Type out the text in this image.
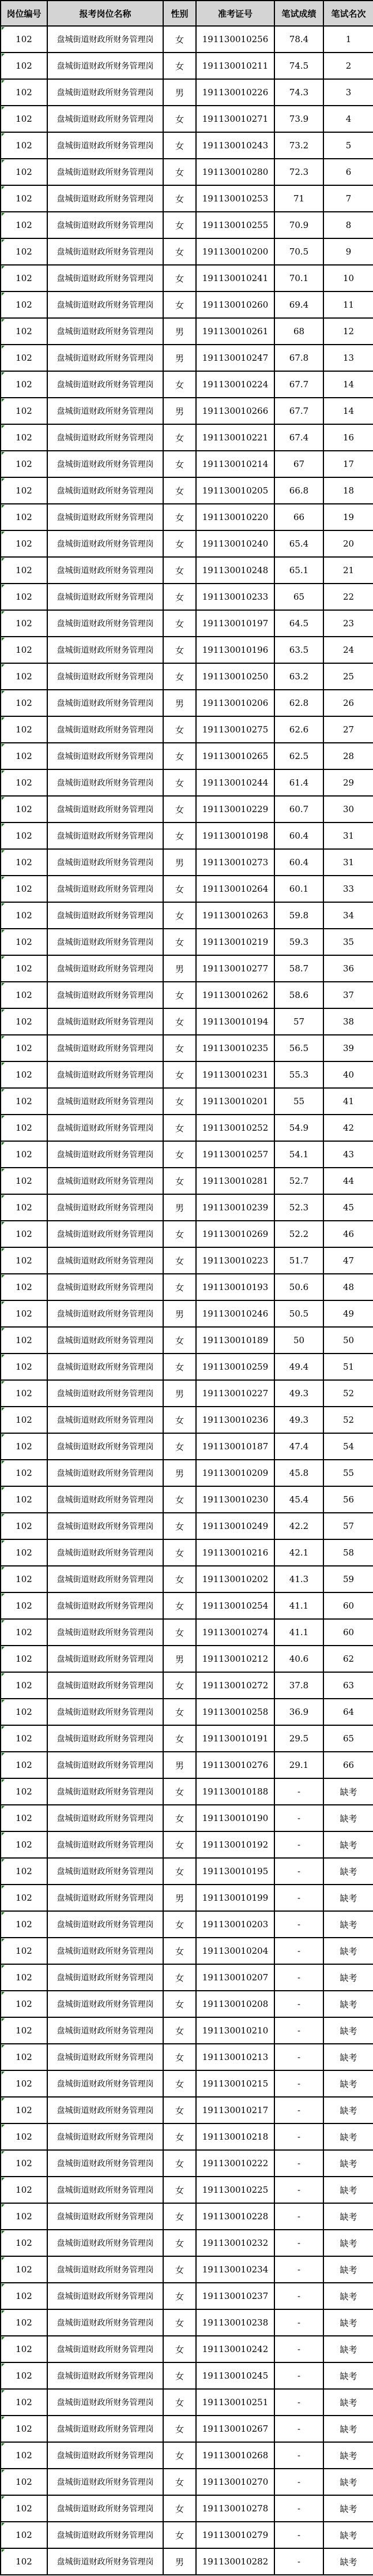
岗位编号	报考岗位名称	性别	准考证号	笔试成绩	笔试名次

102	盘城街道财政所财务管理岗	女	191130010256	78.4	1

102	盘城街道财政所财务管理岗	女	191130010211	74.5	2

102	盘城街道财政所财务管理岗	男	191130010226	74.3	3

102	盘城街道财政所财务管理岗	女	191130010271	73.9	4

102	盘城街道财政所财务管理岗	女	191130010243	73.2	5

102	盘城街道财政所财务管理岗	女	191130010280	72.3	6

102	盘城街道财政所财务管理岗	女	191130010253	71	7

102	盘城街道财政所财务管理岗	女	191130010255	70.9	8

102	盘城街道财政所财务管理岗	女	191130010200	70.5	9

102	盘城街道财政所财务管理岗	女	191130010241	70.1	10

102	盘城街道财政所财务管理岗	女	191130010260	69.4	11

102	盘城街道财政所财务管理岗	男	191130010261	68	12

102	盘城街道财政所财务管理岗	男	191130010247	67.8	13

102	盘城街道财政所财务管理岗	女	191130010224	67.7	14

102	盘城街道财政所财务管理岗	男	191130010266	67.7	14

102	盘城街道财政所财务管理岗	女	191130010221	67.4	16

102	盘城街道财政所财务管理岗	女	191130010214	67	17

102	盘城街道财政所财务管理岗	女	191130010205	66.8	18

102	盘城街道财政所财务管理岗	女	191130010220	66	19

102	盘城街道财政所财务管理岗	女	191130010240	65.4	20

102	盘城街道财政所财务管理岗	女	191130010248	65.1	21

102	盘城街道财政所财务管理岗	女	191130010233	65	22

102	盘城街道财政所财务管理岗	女	191130010197	64.5	23

102	盘城街道财政所财务管理岗	女	191130010196	63.5	24

102	盘城街道财政所财务管理岗	女	191130010250	63.2	25

102	盘城街道财政所财务管理岗	男	191130010206	62.8	26

102	盘城街道财政所财务管理岗	女	191130010275	62.6	27

102	盘城街道财政所财务管理岗	女	191130010265	62.5	28

102	盘城街道财政所财务管理岗	女	191130010244	61.4	29

102	盘城街道财政所财务管理岗	女	191130010229	60.7	30

102	盘城街道财政所财务管理岗	女	191130010198	60.4	31

102	盘城街道财政所财务管理岗	男	191130010273	60.4	31

102	盘城街道财政所财务管理岗	女	191130010264	60.1	33

102	盘城街道财政所财务管理岗	女	191130010263	59.8	34

102	盘城街道财政所财务管理岗	女	191130010219	59.3	35

102	盘城街道财政所财务管理岗	男	191130010277	58.7	36

102	盘城街道财政所财务管理岗	女	191130010262	58.6	37

102	盘城街道财政所财务管理岗	女	191130010194	57	38

102	盘城街道财政所财务管理岗	女	191130010235	56.5	39

102	盘城街道财政所财务管理岗	女	191130010231	55.3	40

102	盘城街道财政所财务管理岗	女	191130010201	55	41

102	盘城街道财政所财务管理岗	女	191130010252	54.9	42

102	盘城街道财政所财务管理岗	女	191130010257	54.1	43

102	盘城街道财政所财务管理岗	女	191130010281	52.7	44

102	盘城街道财政所财务管理岗	男	191130010239	52.3	45

102	盘城街道财政所财务管理岗	女	191130010269	52.2	46

102	盘城街道财政所财务管理岗	女	191130010223	51.7	47

102	盘城街道财政所财务管理岗	女	191130010193	50.6	48

102	盘城街道财政所财务管理岗	男	191130010246	50.5	49

102	盘城街道财政所财务管理岗	女	191130010189	50	50

102	盘城街道财政所财务管理岗	女	191130010259	49.4	51

102	盘城街道财政所财务管理岗	男	191130010227	49.3	52

102	盘城街道财政所财务管理岗	女	191130010236	49.3	52

102	盘城街道财政所财务管理岗	女	191130010187	47.4	54

102	盘城街道财政所财务管理岗	男	191130010209	45.8	55

102	盘城街道财政所财务管理岗	女	191130010230	45.4	56

102	盘城街道财政所财务管理岗	女	191130010249	42.2	57

102	盘城街道财政所财务管理岗	女	191130010216	42.1	58

102	盘城街道财政所财务管理岗	女	191130010202	41.3	59

102	盘城街道财政所财务管理岗	女	191130010254	41.1	60

102	盘城街道财政所财务管理岗	女	191130010274	41.1	60

102	盘城街道财政所财务管理岗	男	191130010212	40.6	62

102	盘城街道财政所财务管理岗	女	191130010272	37.8	63

102	盘城街道财政所财务管理岗	女	191130010258	36.9	64

102	盘城街道财政所财务管理岗	女	191130010191	29.5	65

102	盘城街道财政所财务管理岗	男	191130010276	29.1	66

102	盘城街道财政所财务管理岗	女	191130010188	-	缺考

102	盘城街道财政所财务管理岗	女	191130010190	-	缺考

102	盘城街道财政所财务管理岗	女	191130010192	-	缺考

102	盘城街道财政所财务管理岗	女	191130010195	-	缺考

102	盘城街道财政所财务管理岗	男	191130010199	-	缺考

102	盘城街道财政所财务管理岗	女	191130010203	-	缺考

102	盘城街道财政所财务管理岗	女	191130010204	-	缺考

102	盘城街道财政所财务管理岗	女	191130010207	-	缺考

102	盘城街道财政所财务管理岗	女	191130010208	-	缺考

102	盘城街道财政所财务管理岗	女	191130010210	-	缺考

102	盘城街道财政所财务管理岗	女	191130010213	-	缺考

102	盘城街道财政所财务管理岗	女	191130010215	-	缺考

102	盘城街道财政所财务管理岗	女	191130010217	-	缺考

102	盘城街道财政所财务管理岗	女	191130010218	-	缺考

102	盘城街道财政所财务管理岗	女	191130010222	-	缺考

102	盘城街道财政所财务管理岗	女	191130010225	-	缺考

102	盘城街道财政所财务管理岗	女	191130010228	-	缺考

102	盘城街道财政所财务管理岗	女	191130010232	-	缺考

102	盘城街道财政所财务管理岗	女	191130010234	-	缺考

102	盘城街道财政所财务管理岗	女	191130010237	-	缺考

102	盘城街道财政所财务管理岗	女	191130010238	-	缺考

102	盘城街道财政所财务管理岗	女	191130010242	-	缺考

102	盘城街道财政所财务管理岗	女	191130010245	-	缺考

102	盘城街道财政所财务管理岗	女	191130010251	-	缺考

102	盘城街道财政所财务管理岗	女	191130010267	-	缺考

102	盘城街道财政所财务管理岗	女	191130010268	-	缺考

102	盘城街道财政所财务管理岗	女	191130010270	-	缺考

102	盘城街道财政所财务管理岗	女	191130010278	-	缺考

102	盘城街道财政所财务管理岗	女	191130010279	-	缺考

102	盘城街道财政所财务管理岗	男	191130010282	-	缺考
